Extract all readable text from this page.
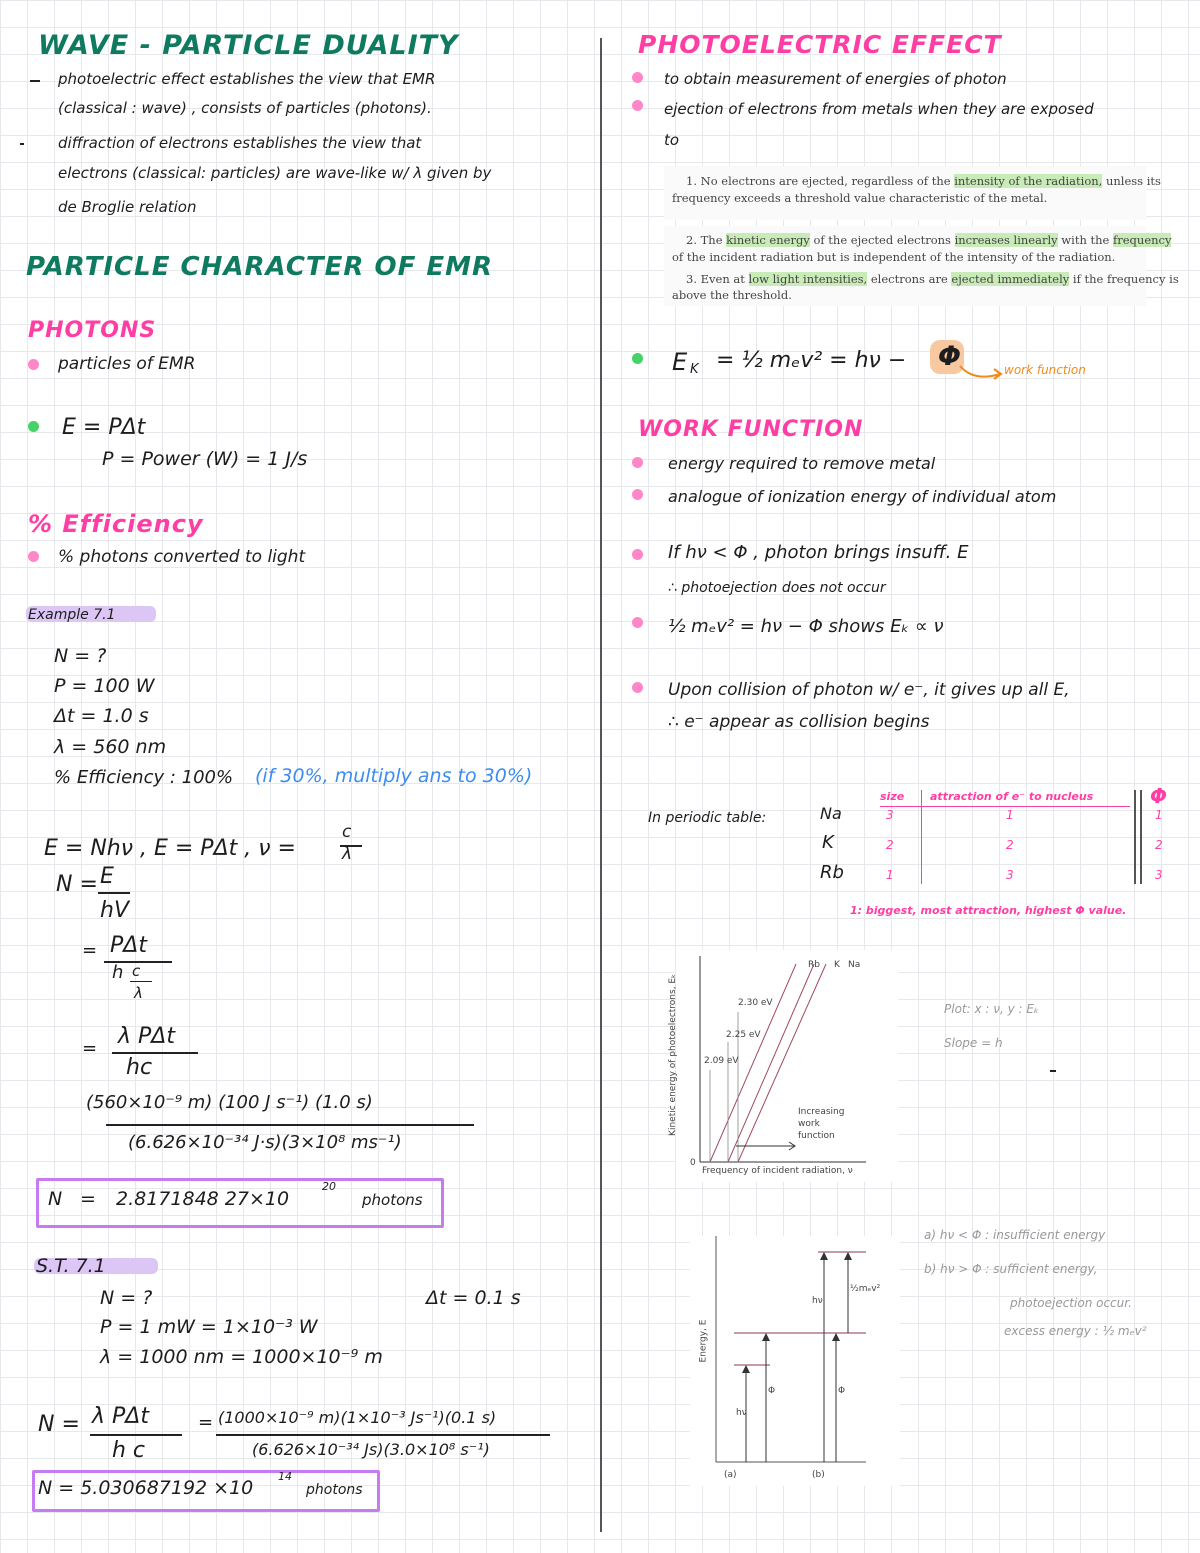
WAVE - PARTICLE DUALITY
photoelectric effect establishes the view that EMR
(classical : wave) , consists of particles (photons).
diffraction of electrons establishes the view that
electrons (classical: particles) are wave-like w/ λ given by
de Broglie relation
PARTICLE CHARACTER OF EMR
PHOTONS
particles of EMR
E = PΔt
P = Power (W) = 1 J/s
% Efficiency
% photons converted to light
Example 7.1
N = ?
P = 100 W
Δt = 1.0 s
λ = 560 nm
% Efficiency : 100% (if 30%, multiply ans to 30%)
E = Nhν , E = PΔt , ν =
c
λ
N = E
hV
= PΔt
h c
λ
= λ PΔt
hc
(560×10⁻⁹ m) (100 J s⁻¹) (1.0 s)
(6.626×10⁻³⁴ J·s)(3×10⁸ ms⁻¹)
N = 2.8171848 27×10
20
photons
S.T. 7.1
N = ?	Δt = 0.1 s
P = 1 mW = 1×10⁻³ W
λ = 1000 nm = 1000×10⁻⁹ m
N = λ PΔt
h c
= (1000×10⁻⁹ m)(1×10⁻³ Js⁻¹)(0.1 s)
(6.626×10⁻³⁴ Js)(3.0×10⁸ s⁻¹)
N = 5.030687192 ×10
14
photons
PHOTOELECTRIC EFFECT
to obtain measurement of energies of photon
ejection of electrons from metals when they are exposed
to
1. No electrons are ejected, regardless of the intensity of the radiation, unless its
frequency exceeds a threshold value characteristic of the metal.
2. The kinetic energy of the ejected electrons increases linearly with the frequency
of the incident radiation but is independent of the intensity of the radiation.
3. Even at low light intensities, electrons are ejected immediately if the frequency is
above the threshold.
E K = ½ mₑv² = hν − Φ	work function
WORK FUNCTION
energy required to remove metal
analogue of ionization energy of individual atom
If hν < Φ , photon brings insuff. E
∴ photoejection does not occur
½ mₑv² = hν − Φ shows Eₖ ∝ ν
Upon collision of photon w/ e⁻, it gives up all E,
∴ e⁻ appear as collision begins
In periodic table:
size attraction of e⁻ to nucleus	Φ
Na	3	1	1
K	2	2	2
Rb	1	3	3
1: biggest, most attraction, highest Φ value.
Rb K Na
2.09 eV
2.25 eV
2.30 eV
Increasing work function
0
Frequency of incident radiation, ν
Kinetic energy of photoelectrons, Eₖ	Plot: x : ν, y : Eₖ
Slope = h
Energy, E
hν
Φ
hν
Φ
½mₑv²
(a)	(b)
a) hν < Φ : insufficient energy
b) hν > Φ : sufficient energy,
photoejection occur.
excess energy : ½ mₑv²
